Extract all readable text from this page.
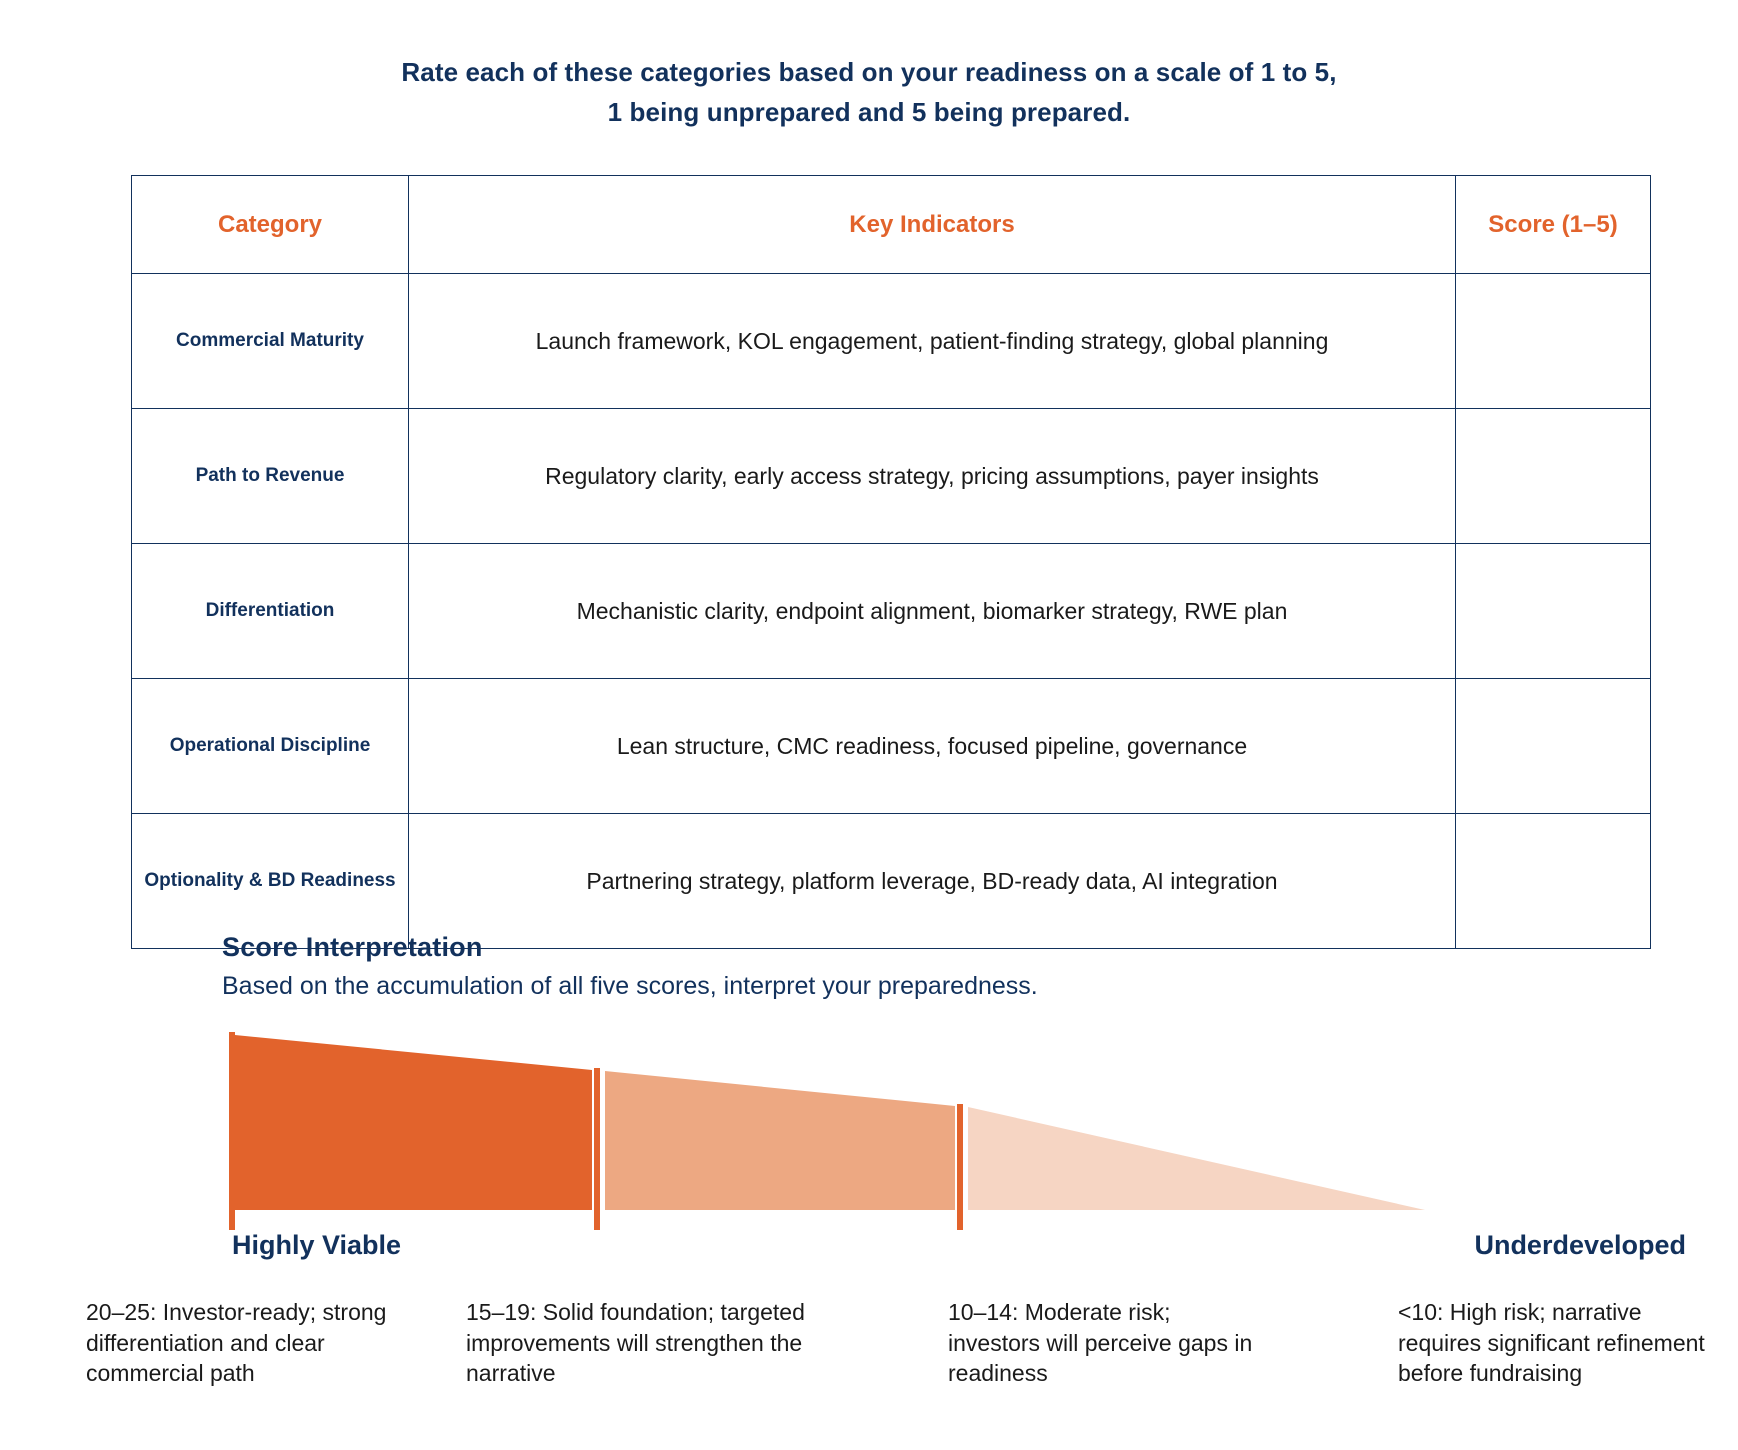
Rate each of these categories based on your readiness on a scale of 1 to 5,
1 being unprepared and 5 being prepared.
Category	Key Indicators	Score (1–5)
Commercial Maturity	Launch framework, KOL engagement, patient-finding strategy, global planning	
Path to Revenue	Regulatory clarity, early access strategy, pricing assumptions, payer insights	
Differentiation	Mechanistic clarity, endpoint alignment, biomarker strategy, RWE plan	
Operational Discipline	Lean structure, CMC readiness, focused pipeline, governance	
Optionality & BD Readiness	Partnering strategy, platform leverage, BD-ready data, AI integration	
Score Interpretation
Based on the accumulation of all five scores, interpret your preparedness.
Highly Viable	Underdeveloped
20–25: Investor-ready; strong differentiation and clear commercial path
15–19: Solid foundation; targeted improvements will strengthen the narrative
10–14: Moderate risk; investors will perceive gaps in readiness
<10: High risk; narrative requires significant refinement before fundraising
